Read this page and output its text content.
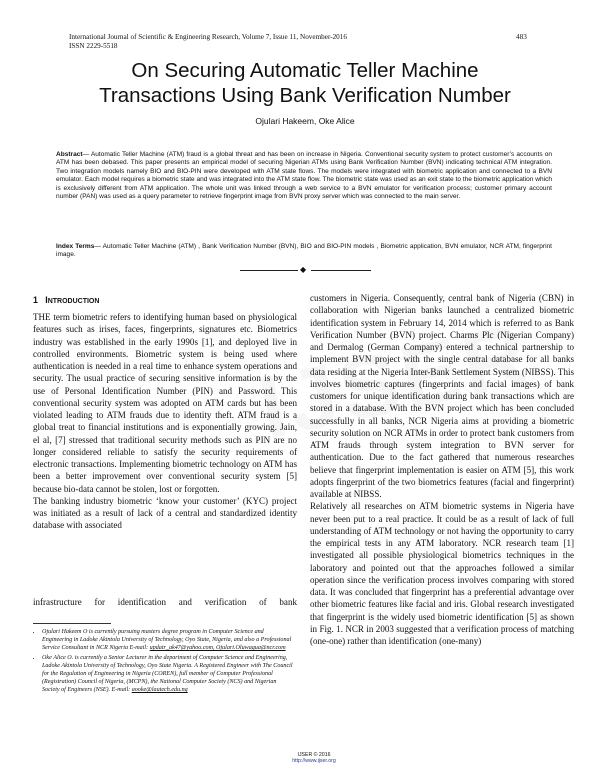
International Journal of Scientific & Engineering Research, Volume 7, Issue 11, November-2016
ISSN 2229-5518
483
On Securing Automatic Teller Machine
Transactions Using Bank Verification Number
Ojulari Hakeem, Oke Alice
Abstract— Automatic Teller Machine (ATM) fraud is a global threat and has been on increase in Nigeria. Conventional security system to protect customer’s accounts on ATM has been debased. This paper presents an empirical model of securing Nigerian ATMs using Bank Verification Number (BVN) indicating technical ATM integration. Two integration models namely BIO and BIO-PIN were developed with ATM state flows. The models were integrated with biometric application and connected to a BVN emulator. Each model requires a biometric state and was integrated into the ATM state flow. The biometric state was used as an exit state to the biometric application which is exclusively different from ATM application. The whole unit was linked through a web service to a BVN emulator for verification process; customer primary account number (PAN) was used as a query parameter to retrieve fingerprint image from BVN proxy server which was connected to the main server.
Index Terms— Automatic Teller Machine (ATM) , Bank Verification Number (BVN), BIO and BIO-PIN models , Biometric application, BVN emulator, NCR ATM, fingerprint image.
◆
1 INTRODUCTION

THE term biometric refers to identifying human based on physiological features such as irises, faces, fingerprints, signatures etc. Biometrics industry was established in the early 1990s [1], and deployed live in controlled environments. Biometric system is being used where authentication is needed in a real time to enhance system operations and security. The usual practice of securing sensitive information is by the use of Personal Identification Number (PIN) and Password. This conventional security system was adopted on ATM cards but has been violated leading to ATM frauds due to identity theft. ATM fraud is a global treat to financial institutions and is exponentially growing. Jain, el al, [7] stressed that traditional security methods such as PIN are no longer considered reliable to satisfy the security requirements of electronic transactions. Implementing biometric technology on ATM has been a better improvement over conventional security system [5] because bio-data cannot be stolen, lost or forgotten.

The banking industry biometric ‘know your customer’ (KYC) project was initiated as a result of lack of a central and standardized identity database with associated

infrastructure for identification and verification of bank
• Ojulari Hakeem O is currently pursuing masters degree program in Computer Science and Engineering in Ladoke Akintola University of Technology, Oyo State, Nigeria, and also a Professional Service Consultant in NCR Nigeria E-mail: updatr_ak47@yahoo.com, Ojulari.Oluwagua@ncr.com
• Oke Alice O. is currently a Senior Lecturer in the department of Computer Science and Engineering, Ladoke Akintola University of Technology, Oyo State Nigeria. A Registered Engineer with The Council for the Regulation of Engineering in Nigeria (COREN), full member of Computer Professional (Registration) Council of Nigeria, (MCPN), the National Computer Society (NCS) and Nigerian Society of Engineers (NSE). E-mail: aooke@lautech.edu.ng

customers in Nigeria. Consequently, central bank of Nigeria (CBN) in collaboration with Nigerian banks launched a centralized biometric identification system in February 14, 2014 which is referred to as Bank Verification Number (BVN) project. Charms Plc (Nigerian Company) and Dermalog (German Company) entered a technical partnership to implement BVN project with the single central database for all banks data residing at the Nigeria Inter-Bank Settlement System (NIBSS). This involves biometric captures (fingerprints and facial images) of bank customers for unique identification during bank transactions which are stored in a database. With the BVN project which has been concluded successfully in all banks, NCR Nigeria aims at providing a biometric security solution on NCR ATMs in order to protect bank customers from ATM frauds through system integration to BVN server for authentication. Due to the fact gathered that numerous researches believe that fingerprint implementation is easier on ATM [5], this work adopts fingerprint of the two biometrics features (facial and fingerprint) available at NIBSS.

Relatively all researches on ATM biometric systems in Nigeria have never been put to a real practice. It could be as a result of lack of full understanding of ATM technology or not having the opportunity to carry the empirical tests in any ATM laboratory. NCR research team [1] investigated all possible physiological biometrics techniques in the laboratory and pointed out that the approaches followed a similar operation since the verification process involves comparing with stored data. It was concluded that fingerprint has a preferential advantage over other biometric features like facial and iris. Global research investigated that fingerprint is the widely used biometric identification [5] as shown in Fig. 1. NCR in 2003 suggested that a verification process of matching (one-one) rather than identification (one-many)

IJSER © 2016
http://www.ijser.org
